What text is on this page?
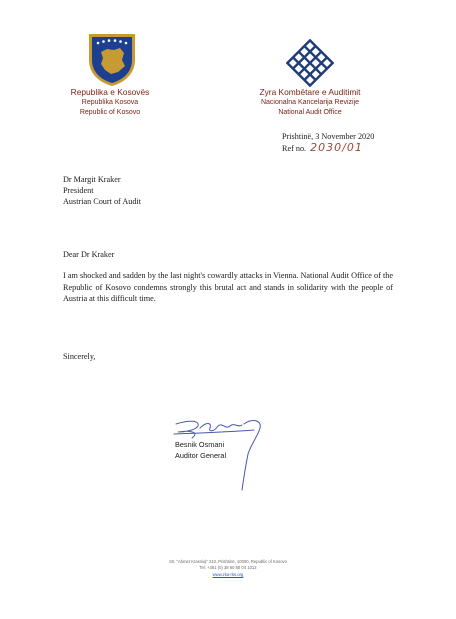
Republika e Kosovës
Republika Kosova
Republic of Kosovo
Zyra Kombëtare e Auditimit
Nacionalna Kancelarija Revizije
National Audit Office
Prishtinë, 3 November 2020
Ref no. 2030/01
Dr Margit Kraker
President
Austrian Court of Audit
Dear Dr Kraker
I am shocked and sadden by the last night's cowardly attacks in Vienna. National Audit Office of the Republic of Kosovo condemns strongly this brutal act and stands in solidarity with the people of Austria at this difficult time.
Sincerely,
Besnik Osmani
Auditor General
Str. "Ahmet Krasniqi" 210, Prishtinë, 10000, Republic of Kosovo
Tel: +381 (0) 38 60 60 04 1012
www.zka-rks.org
